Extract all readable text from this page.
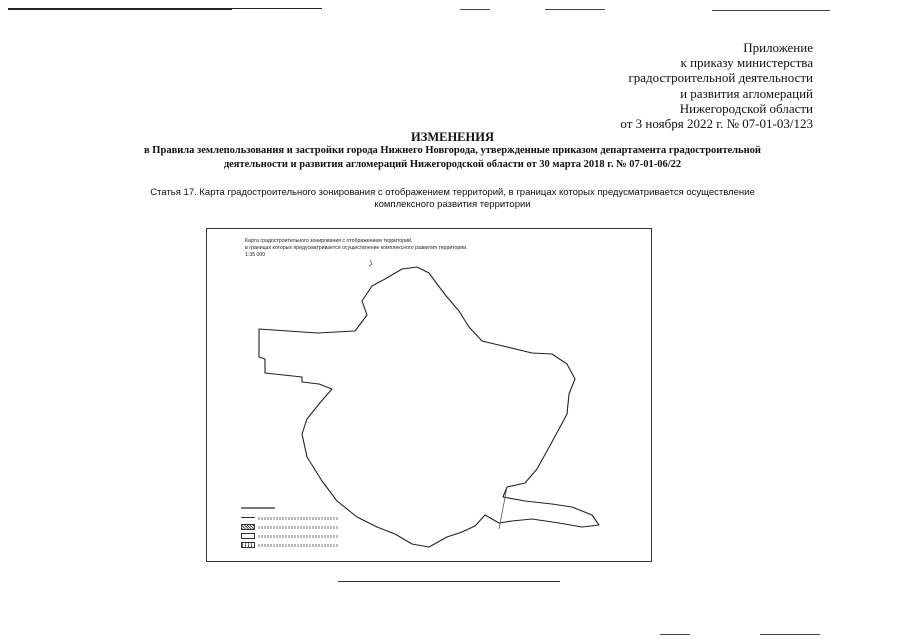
Приложение
к приказу министерства
градостроительной деятельности
и развития агломераций
Нижегородской области
от 3 ноября 2022 г. № 07-01-03/123
ИЗМЕНЕНИЯ
в Правила землепользования и застройки города Нижнего Новгорода, утвержденные приказом департамента градостроительной
деятельности и развития агломераций Нижегородской области от 30 марта 2018 г. № 07-01-06/22
Статья 17. Карта градостроительного зонирования с отображением территорий, в границах которых предусматривается осуществление
комплексного развития территории
Карта градостроительного зонирования с отображением территорий,
в границах которых предусматривается осуществление комплексного развития территории.
1:35 000
